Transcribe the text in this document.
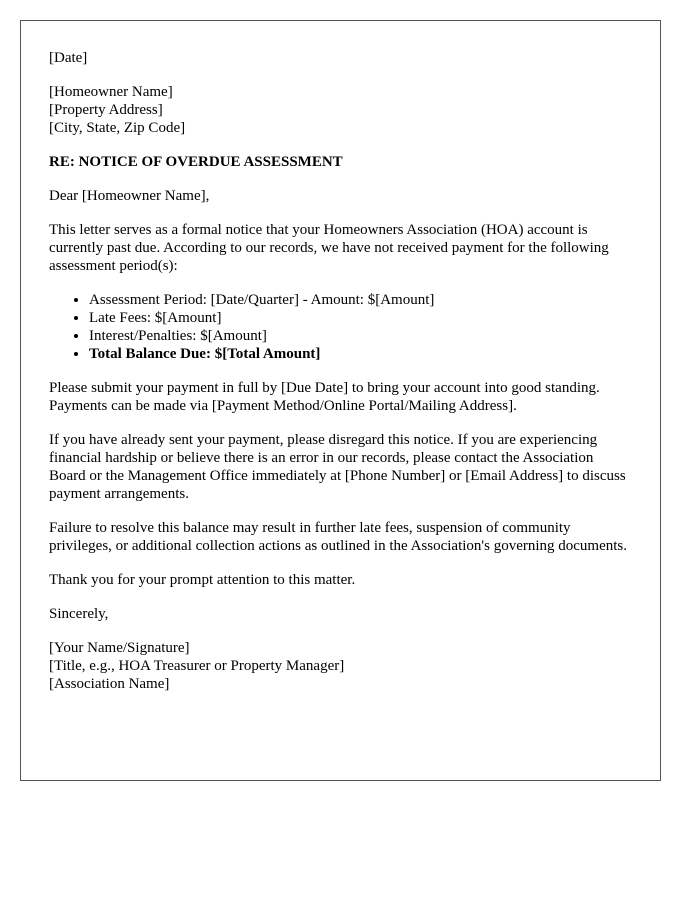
[Date]

[Homeowner Name]
[Property Address]
[City, State, Zip Code]

RE: NOTICE OF OVERDUE ASSESSMENT

Dear [Homeowner Name],

This letter serves as a formal notice that your Homeowners Association (HOA) account is currently past due. According to our records, we have not received payment for the following assessment period(s):

• Assessment Period: [Date/Quarter] - Amount: $[Amount]
• Late Fees: $[Amount]
• Interest/Penalties: $[Amount]
• Total Balance Due: $[Total Amount]

Please submit your payment in full by [Due Date] to bring your account into good standing. Payments can be made via [Payment Method/Online Portal/Mailing Address].

If you have already sent your payment, please disregard this notice. If you are experiencing financial hardship or believe there is an error in our records, please contact the Association Board or the Management Office immediately at [Phone Number] or [Email Address] to discuss payment arrangements.

Failure to resolve this balance may result in further late fees, suspension of community privileges, or additional collection actions as outlined in the Association's governing documents.

Thank you for your prompt attention to this matter.

Sincerely,

[Your Name/Signature]
[Title, e.g., HOA Treasurer or Property Manager]
[Association Name]
